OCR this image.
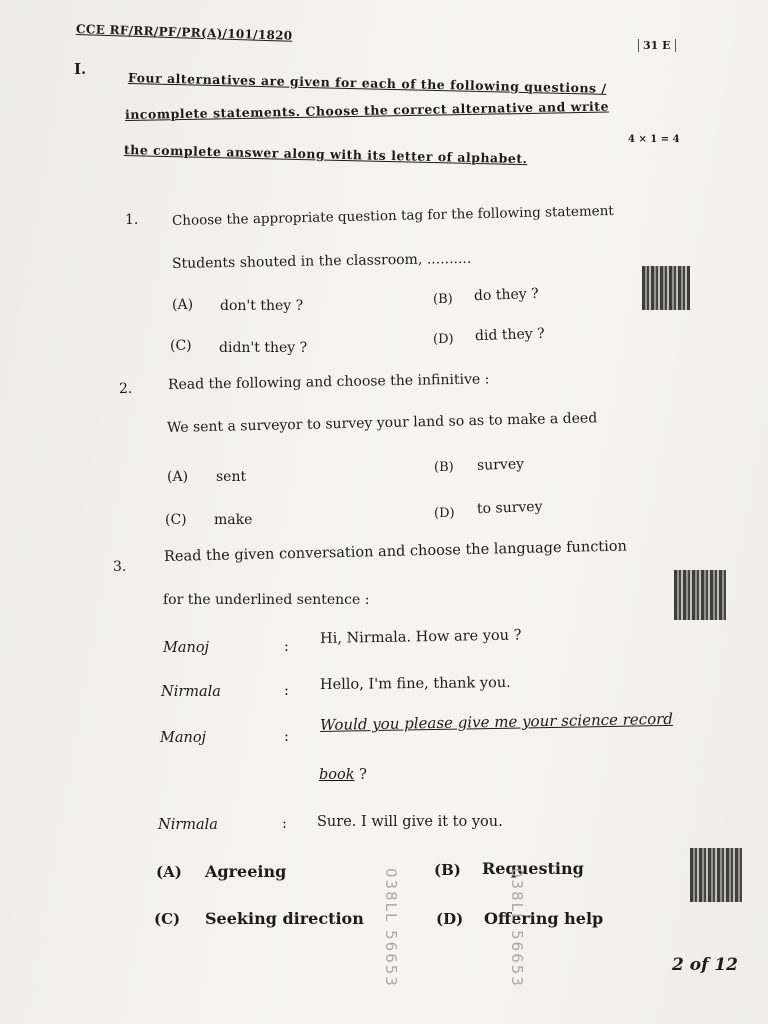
CCE RF/RR/PF/PR(A)/101/1820
31 E
I.
Four alternatives are given for each of the following questions /
incomplete statements. Choose the correct alternative and write
the complete answer along with its letter of alphabet.
4 × 1 = 4
1. Choose the appropriate question tag for the following statement
Students shouted in the classroom, ..........
(A) don't they ?	(B) do they ?
(C) didn't they ?
(D) did they ?
2.	Read the following and choose the infinitive :
We sent a surveyor to survey your land so as to make a deed
(A) sent
(B) survey
(C) make	(D) to survey
3.
Read the given conversation and choose the language function
for the underlined sentence :
Manoj	:
Hi, Nirmala. How are you ?
Nirmala	: Hello, I'm fine, thank you.
Manoj	:
Would you please give me your science record
book ?
Nirmala	: Sure. I will give it to you.
(A) Agreeing	(B) Requesting
(C) Seeking direction	(D) Offering help
038LL 56653	038LL 56653	2 of 12
